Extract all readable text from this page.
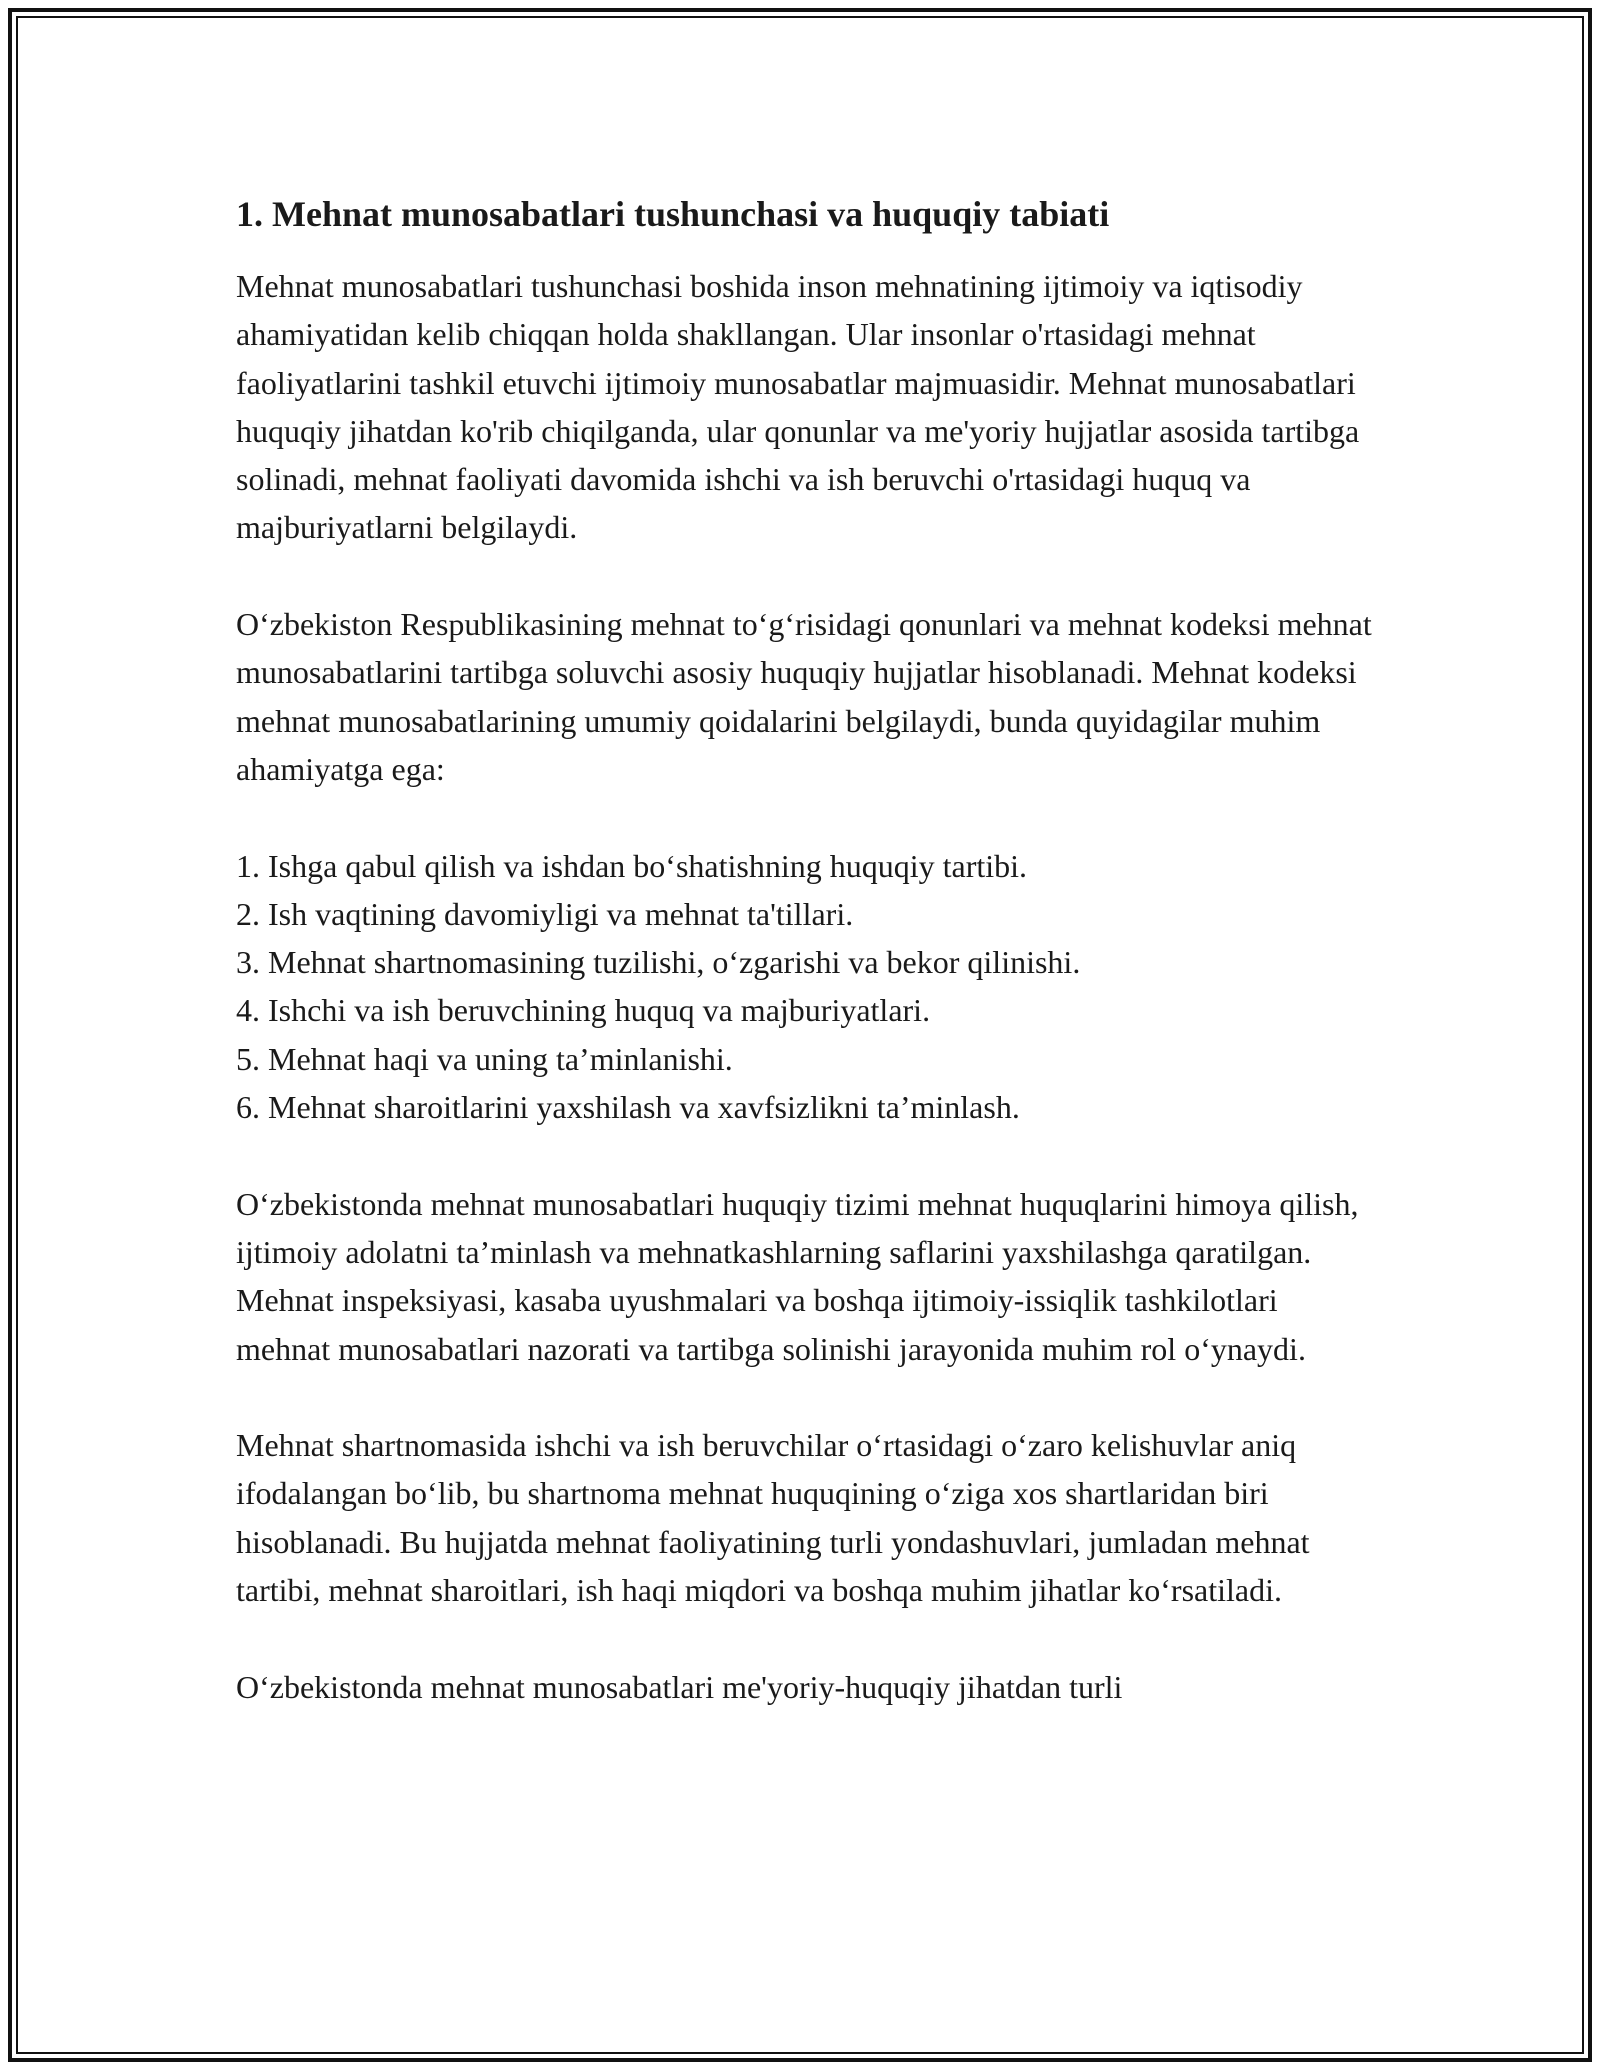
1. Mehnat munosabatlari tushunchasi va huquqiy tabiati

Mehnat munosabatlari tushunchasi boshida inson mehnatining ijtimoiy va iqtisodiy ahamiyatidan kelib chiqqan holda shakllangan. Ular insonlar o'rtasidagi mehnat faoliyatlarini tashkil etuvchi ijtimoiy munosabatlar majmuasidir. Mehnat munosabatlari huquqiy jihatdan ko'rib chiqilganda, ular qonunlar va me'yoriy hujjatlar asosida tartibga solinadi, mehnat faoliyati davomida ishchi va ish beruvchi o'rtasidagi huquq va majburiyatlarni belgilaydi.

O‘zbekiston Respublikasining mehnat to‘g‘risidagi qonunlari va mehnat kodeksi mehnat munosabatlarini tartibga soluvchi asosiy huquqiy hujjatlar hisoblanadi. Mehnat kodeksi mehnat munosabatlarining umumiy qoidalarini belgilaydi, bunda quyidagilar muhim ahamiyatga ega:

1. Ishga qabul qilish va ishdan bo‘shatishning huquqiy tartibi.
2. Ish vaqtining davomiyligi va mehnat ta'tillari.
3. Mehnat shartnomasining tuzilishi, o‘zgarishi va bekor qilinishi.
4. Ishchi va ish beruvchining huquq va majburiyatlari.
5. Mehnat haqi va uning ta’minlanishi.
6. Mehnat sharoitlarini yaxshilash va xavfsizlikni ta’minlash.

O‘zbekistonda mehnat munosabatlari huquqiy tizimi mehnat huquqlarini himoya qilish, ijtimoiy adolatni ta’minlash va mehnatkashlarning saflarini yaxshilashga qaratilgan. Mehnat inspeksiyasi, kasaba uyushmalari va boshqa ijtimoiy-issiqlik tashkilotlari mehnat munosabatlari nazorati va tartibga solinishi jarayonida muhim rol o‘ynaydi.

Mehnat shartnomasida ishchi va ish beruvchilar o‘rtasidagi o‘zaro kelishuvlar aniq ifodalangan bo‘lib, bu shartnoma mehnat huquqining o‘ziga xos shartlaridan biri hisoblanadi. Bu hujjatda mehnat faoliyatining turli yondashuvlari, jumladan mehnat tartibi, mehnat sharoitlari, ish haqi miqdori va boshqa muhim jihatlar ko‘rsatiladi.

O‘zbekistonda mehnat munosabatlari me'yoriy-huquqiy jihatdan turli
